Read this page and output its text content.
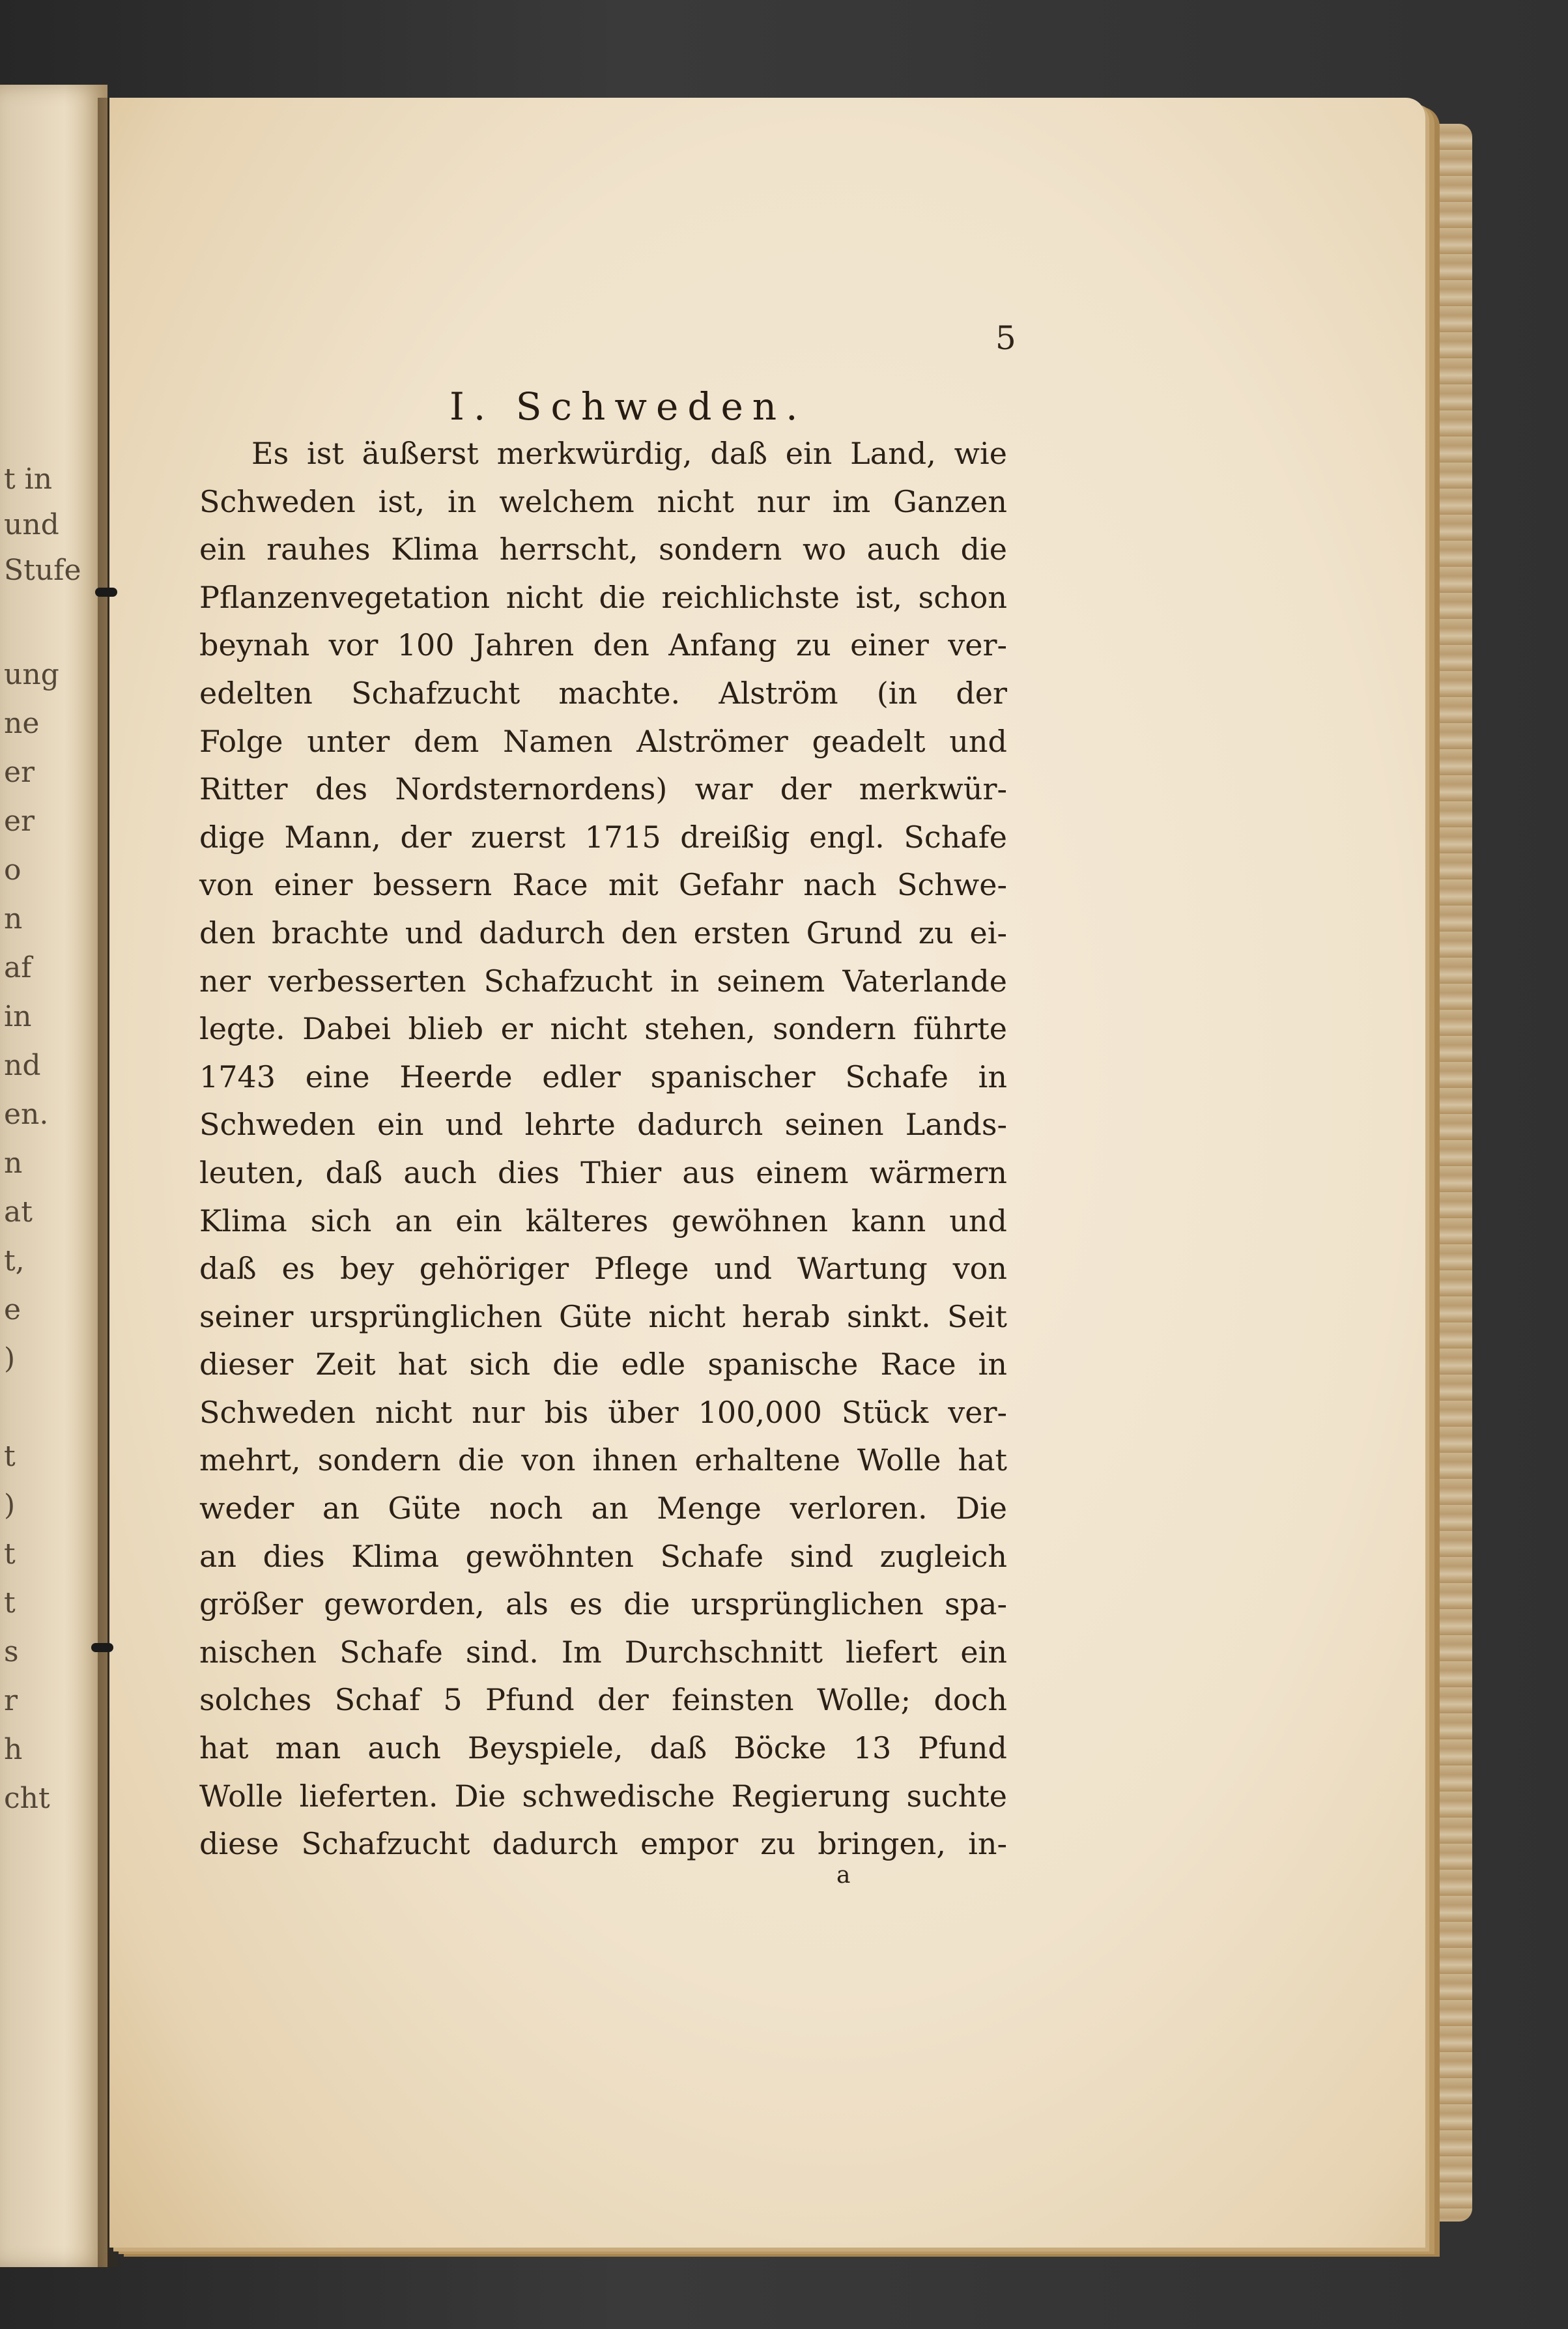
t in
und
Stufe
ung
ne
er
er
o
n
af
in
nd
en.
n
at
t,
e
)
t
)
t
t
s
r
h
cht
5
I. Schweden.
Es ist äußerst merkwürdig, daß ein Land, wie
Schweden ist, in welchem nicht nur im Ganzen
ein rauhes Klima herrscht, sondern wo auch die
Pflanzenvegetation nicht die reichlichste ist, schon
beynah vor 100 Jahren den Anfang zu einer ver-
edelten Schafzucht machte. Alström (in der
Folge unter dem Namen Alströmer geadelt und
Ritter des Nordsternordens) war der merkwür-
dige Mann, der zuerst 1715 dreißig engl. Schafe
von einer bessern Race mit Gefahr nach Schwe-
den brachte und dadurch den ersten Grund zu ei-
ner verbesserten Schafzucht in seinem Vaterlande
legte. Dabei blieb er nicht stehen, sondern führte
1743 eine Heerde edler spanischer Schafe in
Schweden ein und lehrte dadurch seinen Lands-
leuten, daß auch dies Thier aus einem wärmern
Klima sich an ein kälteres gewöhnen kann und
daß es bey gehöriger Pflege und Wartung von
seiner ursprünglichen Güte nicht herab sinkt. Seit
dieser Zeit hat sich die edle spanische Race in
Schweden nicht nur bis über 100,000 Stück ver-
mehrt, sondern die von ihnen erhaltene Wolle hat
weder an Güte noch an Menge verloren. Die
an dies Klima gewöhnten Schafe sind zugleich
größer geworden, als es die ursprünglichen spa-
nischen Schafe sind. Im Durchschnitt liefert ein
solches Schaf 5 Pfund der feinsten Wolle; doch
hat man auch Beyspiele, daß Böcke 13 Pfund
Wolle lieferten. Die schwedische Regierung suchte
diese Schafzucht dadurch empor zu bringen, in-
a
